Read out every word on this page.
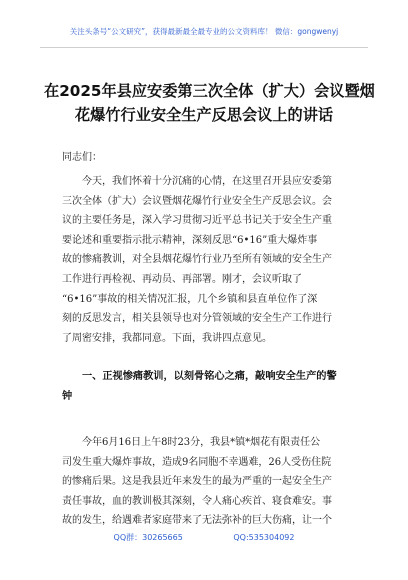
关注头条号“公文研究”，获得最新最全最专业的公文资料库！ 微信：gongwenyj
在2025年县应安委第三次全体（扩大）会议暨烟
花爆竹行业安全生产反思会议上的讲话
同志们：
今天，我们怀着十分沉痛的心情，在这里召开县应安委第
三次全体（扩大）会议暨烟花爆竹行业安全生产反思会议。会
议的主要任务是，深入学习贯彻习近平总书记关于安全生产重
要论述和重要指示批示精神，深刻反思“6•16”重大爆炸事
故的惨痛教训，对全县烟花爆竹行业乃至所有领域的安全生产
工作进行再检视、再动员、再部署。刚才，会议听取了
“6•16”事故的相关情况汇报，几个乡镇和县直单位作了深
刻的反思发言，相关县领导也对分管领域的安全生产工作进行
了周密安排，我都同意。下面，我讲四点意见。
一、正视惨痛教训，以刻骨铭心之痛，敲响安全生产的警
钟
今年6月16日上午8时23分，我县*镇*烟花有限责任公
司发生重大爆炸事故，造成9名同胞不幸遇难，26人受伤住院
的惨痛后果。这是我县近年来发生的最为严重的一起安全生产
责任事故，血的教训极其深刻，令人痛心疾首、寝食难安。事
故的发生，给遇难者家庭带来了无法弥补的巨大伤痛，让一个
QQ群：30265665	QQ:535304092
